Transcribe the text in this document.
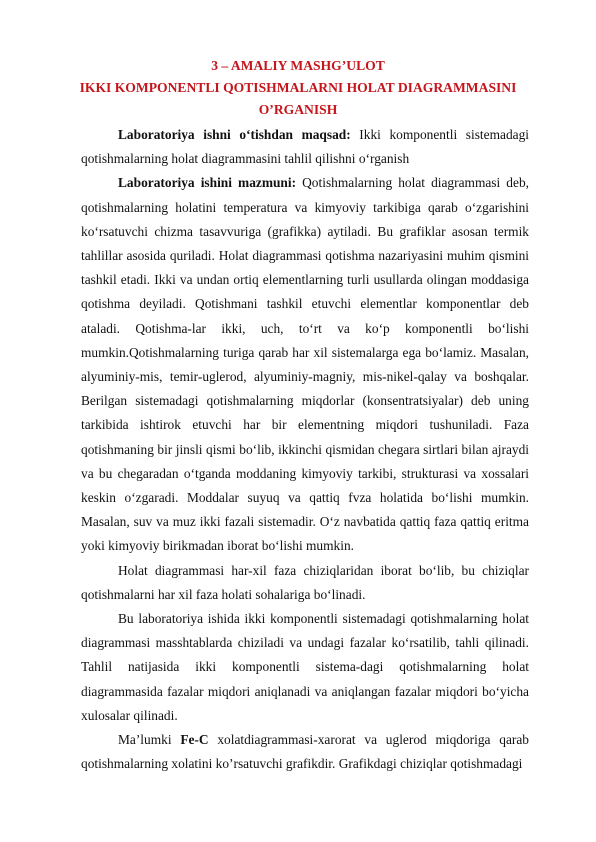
3 – AMALIY MASHG’ULOT
IKKI KOMPONENTLI QOTISHMALARNI HOLAT DIAGRAMMASINI
O’RGANISH

Laboratoriya ishni o‘tishdan maqsad: Ikki komponentli sistemadagi qotishmalarning holat diagrammasini tahlil qilishni o‘rganish

Laboratoriya ishini mazmuni: Qotishmalarning holat diagrammasi deb, qotishmalarning holatini temperatura va kimyoviy tarkibiga qarab o‘zgarishini ko‘rsatuvchi chizma tasavvuriga (grafikka) aytiladi. Bu grafiklar asosan termik tahlillar asosida quriladi. Holat diagrammasi qotishma nazariyasini muhim qismini tashkil etadi. Ikki va undan ortiq elementlarning turli usullarda olingan moddasiga qotishma deyiladi. Qotishmani tashkil etuvchi elementlar komponentlar deb ataladi. Qotishma-lar ikki, uch, to‘rt va ko‘p komponentli bo‘lishi mumkin.Qotishmalarning turiga qarab har xil sistemalarga ega bo‘lamiz. Masalan, alyuminiy-mis, temir-uglerod, alyuminiy-magniy, mis-nikel-qalay va boshqalar. Berilgan sistemadagi qotishmalarning miqdorlar (konsentratsiyalar) deb uning tarkibida ishtirok etuvchi har bir elementning miqdori tushuniladi. Faza qotishmaning bir jinsli qismi bo‘lib, ikkinchi qismidan chegara sirtlari bilan ajraydi va bu chegaradan o‘tganda moddaning kimyoviy tarkibi, strukturasi va xossalari keskin o‘zgaradi. Moddalar suyuq va qattiq fvza holatida bo‘lishi mumkin. Masalan, suv va muz ikki fazali sistemadir. O‘z navbatida qattiq faza qattiq eritma yoki kimyoviy birikmadan iborat bo‘lishi mumkin.

Holat diagrammasi har-xil faza chiziqlaridan iborat bo‘lib, bu chiziqlar qotishmalarni har xil faza holati sohalariga bo‘linadi.

Bu laboratoriya ishida ikki komponentli sistemadagi qotishmalarning holat diagrammasi masshtablarda chiziladi va undagi fazalar ko‘rsatilib, tahli qilinadi. Tahlil natijasida ikki komponentli sistema-dagi qotishmalarning holat diagrammasida fazalar miqdori aniqlanadi va aniqlangan fazalar miqdori bo‘yicha xulosalar qilinadi.

Ma’lumki Fe-C xolatdiagrammasi-xarorat va uglerod miqdoriga qarab qotishmalarning xolatini ko’rsatuvchi grafikdir. Grafikdagi chiziqlar qotishmadagi
